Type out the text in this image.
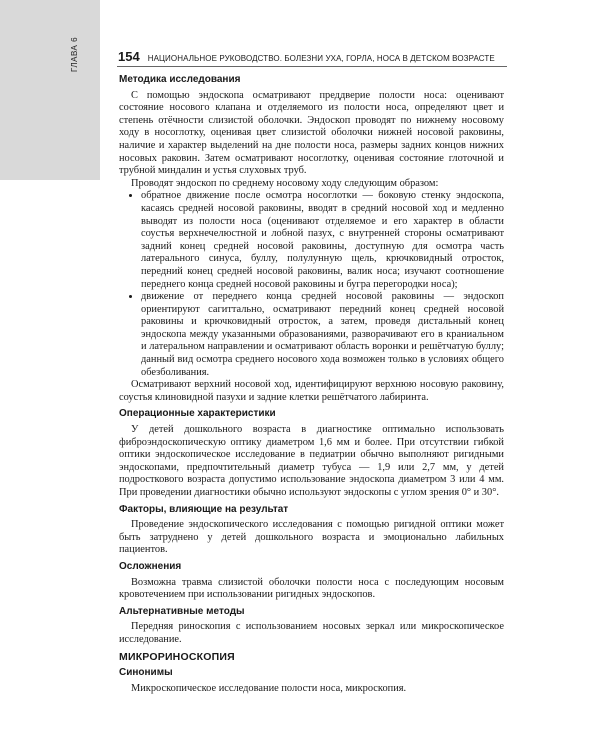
ГЛАВА 6	154 НАЦИОНАЛЬНОЕ РУКОВОДСТВО. БОЛЕЗНИ УХА, ГОРЛА, НОСА В ДЕТСКОМ ВОЗРАСТЕ
Методика исследования

С помощью эндоскопа осматривают преддверие полости носа: оценивают состояние носового клапана и отделяемого из полости носа, определяют цвет и степень отёчности слизистой оболочки. Эндоскоп проводят по нижнему носовому ходу в носоглотку, оценивая цвет слизистой оболочки нижней носовой раковины, наличие и характер выделений на дне полости носа, размеры задних концов нижних носовых раковин. Затем осматривают носоглотку, оценивая состояние глоточной и трубной миндалин и устья слуховых труб.

Проводят эндоскоп по среднему носовому ходу следующим образом:

• обратное движение после осмотра носоглотки — боковую стенку эндоскопа, касаясь средней носовой раковины, вводят в средний носовой ход и медленно выводят из полости носа (оценивают отделяемое и его характер в области соустья верхнечелюстной и лобной пазух, с внутренней стороны осматривают задний конец средней носовой раковины, доступную для осмотра часть латерального синуса, буллу, полулунную щель, крючковидный отросток, передний конец средней носовой раковины, валик носа; изучают соотношение переднего конца средней носовой раковины и бугра перегородки носа);
• движение от переднего конца средней носовой раковины — эндоскоп ориентируют сагиттально, осматривают передний конец средней носовой раковины и крючковидный отросток, а затем, проведя дистальный конец эндоскопа между указанными образованиями, разворачивают его в краниальном и латеральном направлении и осматривают область воронки и решётчатую буллу; данный вид осмотра среднего носового хода возможен только в условиях общего обезболивания.

Осматривают верхний носовой ход, идентифицируют верхнюю носовую раковину, соустья клиновидной пазухи и задние клетки решётчатого лабиринта.

Операционные характеристики

У детей дошкольного возраста в диагностике оптимально использовать фиброэндоскопическую оптику диаметром 1,6 мм и более. При отсутствии гибкой оптики эндоскопическое исследование в педиатрии обычно выполняют ригидными эндоскопами, предпочтительный диаметр тубуса — 1,9 или 2,7 мм, у детей подросткового возраста допустимо использование эндоскопа диаметром 3 или 4 мм. При проведении диагностики обычно используют эндоскопы с углом зрения 0° и 30°.

Факторы, влияющие на результат

Проведение эндоскопического исследования с помощью ригидной оптики может быть затруднено у детей дошкольного возраста и эмоционально лабильных пациентов.

Осложнения

Возможна травма слизистой оболочки полости носа с последующим носовым кровотечением при использовании ригидных эндоскопов.

Альтернативные методы

Передняя риноскопия с использованием носовых зеркал или микроскопическое исследование.

МИКРОРИНОСКОПИЯ
Синонимы

Микроскопическое исследование полости носа, микроскопия.
